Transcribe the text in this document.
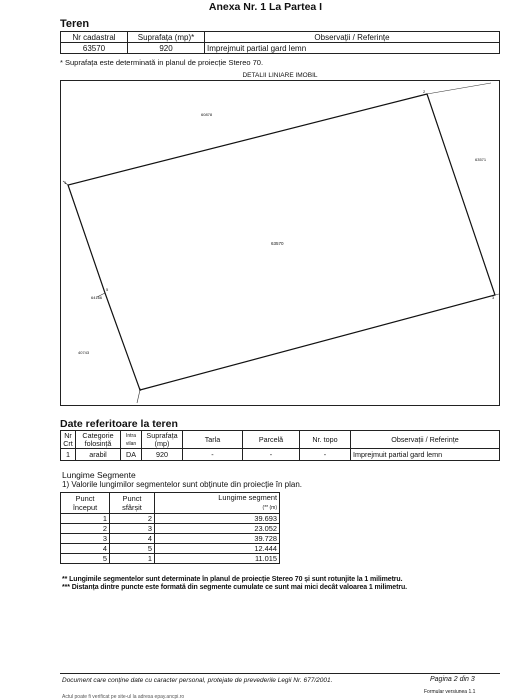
Anexa Nr. 1 La Partea I
Teren
Nr cadastral	Suprafața (mp)*	Observații / Referințe
63570	920	Imprejmuit partial gard lemn
* Suprafața este determinată in planul de proiecție Stereo 70.
DETALII LINIARE IMOBIL
63570
60878
63571
64166
40743
1
2
3
4
5
Date referitoare la teren
Nr Crt	Categorie folosință	Intra vilan	Suprafața (mp)	Tarla	Parcelă	Nr. topo	Observații / Referințe
1	arabil	DA	920	-	-	-	Imprejmuit partial gard lemn
Lungime Segmente
1) Valorile lungimilor segmentelor sunt obținute din proiecție în plan.
Punct început	Punct sfârșit	Lungime segment
(** (m)
1	2	39.693
2	3	23.052
3	4	39.728
4	5	12.444
5	1	11.015
** Lungimile segmentelor sunt determinate în planul de proiecție Stereo 70 și sunt rotunjite la 1 milimetru.
*** Distanța dintre puncte este formată din segmente cumulate ce sunt mai mici decât valoarea 1 milimetru.
Document care conține date cu caracter personal, protejate de prevederile Legii Nr. 677/2001.	Pagina 2 din 3
Formular versiunea 1.1
Actul poate fi verificat pe site-ul la adresa epay.ancpi.ro
